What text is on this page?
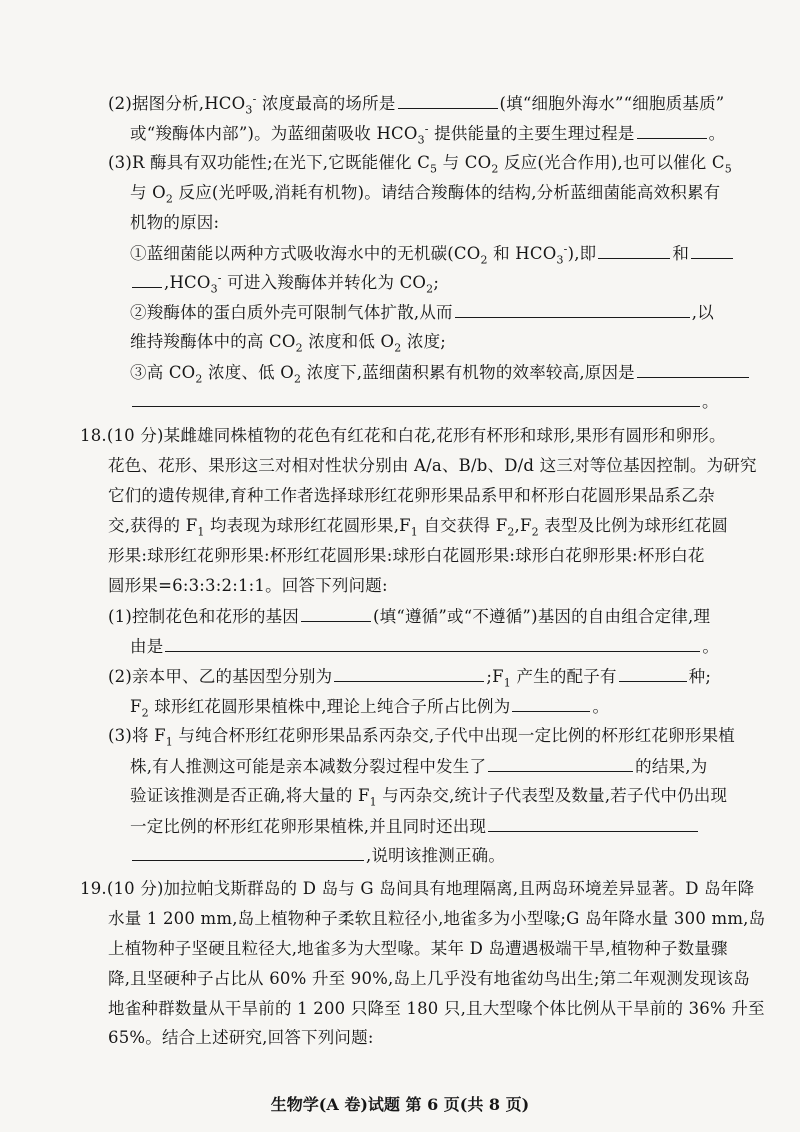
(2)据图分析$,HCO_3^-$ 浓度最高的场所是	(填“细胞外海水”“细胞质基质”
或“羧酶体内部”)。为蓝细菌吸收 $HCO_3^-$ 提供能量的主要生理过程是	。
(3)R 酶具有双功能性;在光下,它既能催化 $C_5$ 与 $CO_2$ 反应(光合作用),也可以催化 $C_5$
与 $O_2$ 反应(光呼吸,消耗有机物)。请结合羧酶体的结构,分析蓝细菌能高效积累有
机物的原因:
①蓝细菌能以两种方式吸收海水中的无机碳($CO_2$ 和 $HCO_3^-$),即	和
$,HCO_3^-$ 可进入羧酶体并转化为 $CO_2$;
②羧酶体的蛋白质外壳可限制气体扩散,从而	,以
维持羧酶体中的高 $CO_2$ 浓度和低 $O_2$ 浓度;
③高 $CO_2$ 浓度、低 $O_2$ 浓度下,蓝细菌积累有机物的效率较高,原因是
。
18.(10 分)某雌雄同株植物的花色有红花和白花,花形有杯形和球形,果形有圆形和卵形。
花色、花形、果形这三对相对性状分别由 A/a、B/b、D/d 这三对等位基因控制。为研究
它们的遗传规律,育种工作者选择球形红花卵形果品系甲和杯形白花圆形果品系乙杂
交,获得的 $F_1$ 均表现为球形红花圆形果$,F_1$ 自交获得 $F_2,F_2$ 表型及比例为球形红花圆
形果:球形红花卵形果:杯形红花圆形果:球形白花圆形果:球形白花卵形果:杯形白花
圆形果=6:3:3:2:1:1。回答下列问题:
(1)控制花色和花形的基因	(填“遵循”或“不遵循”)基因的自由组合定律,理
由是	。
(2)亲本甲、乙的基因型分别为	$;F_1$ 产生的配子有	种;
$F_2$ 球形红花圆形果植株中,理论上纯合子所占比例为	。
(3)将 $F_1$ 与纯合杯形红花卵形果品系丙杂交,子代中出现一定比例的杯形红花卵形果植
株,有人推测这可能是亲本减数分裂过程中发生了	的结果,为
验证该推测是否正确,将大量的 $F_1$ 与丙杂交,统计子代表型及数量,若子代中仍出现
一定比例的杯形红花卵形果植株,并且同时还出现
,说明该推测正确。
19.(10 分)加拉帕戈斯群岛的 D 岛与 G 岛间具有地理隔离,且两岛环境差异显著。D 岛年降
水量 1 200 mm,岛上植物种子柔软且粒径小,地雀多为小型喙;G 岛年降水量 300 mm,岛
上植物种子坚硬且粒径大,地雀多为大型喙。某年 D 岛遭遇极端干旱,植物种子数量骤
降,且坚硬种子占比从 60% 升至 90%,岛上几乎没有地雀幼鸟出生;第二年观测发现该岛
地雀种群数量从干旱前的 1 200 只降至 180 只,且大型喙个体比例从干旱前的 36% 升至
65%。结合上述研究,回答下列问题:
生物学(A 卷)试题 第 6 页(共 8 页)
